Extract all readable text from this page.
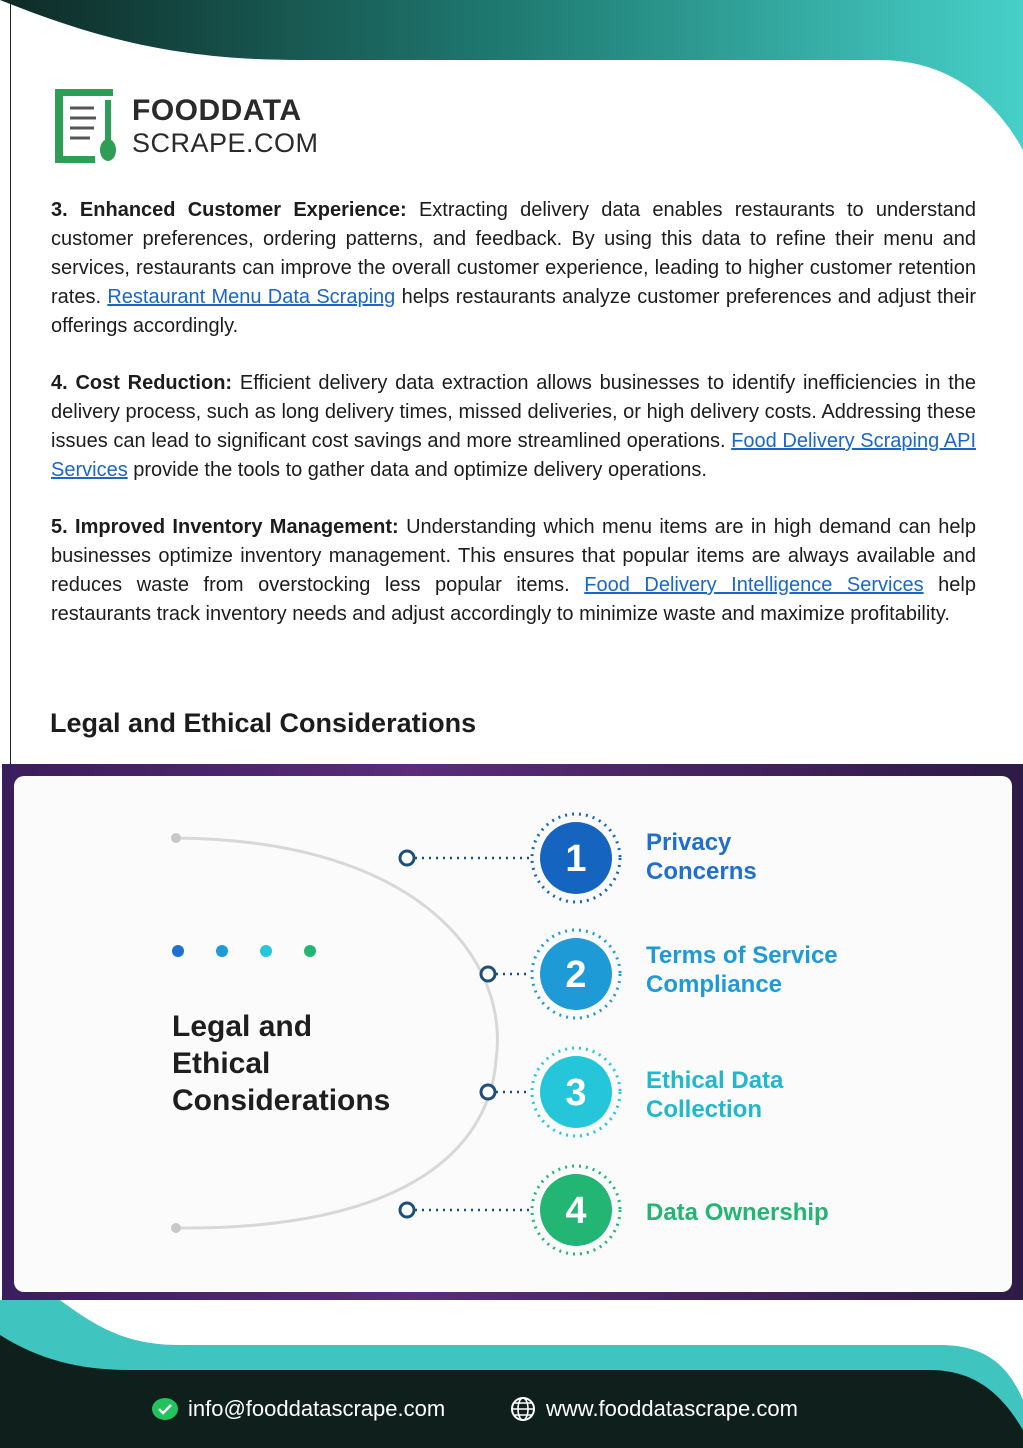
FOODDATA
SCRAPE.COM

3. Enhanced Customer Experience: Extracting delivery data enables restaurants to understand customer preferences, ordering patterns, and feedback. By using this data to refine their menu and services, restaurants can improve the overall customer experience, leading to higher customer retention rates. Restaurant Menu Data Scraping helps restaurants analyze customer preferences and adjust their offerings accordingly.

4. Cost Reduction: Efficient delivery data extraction allows businesses to identify inefficiencies in the delivery process, such as long delivery times, missed deliveries, or high delivery costs. Addressing these issues can lead to significant cost savings and more streamlined operations. Food Delivery Scraping API Services provide the tools to gather data and optimize delivery operations.

5. Improved Inventory Management: Understanding which menu items are in high demand can help businesses optimize inventory management. This ensures that popular items are always available and reduces waste from overstocking less popular items. Food Delivery Intelligence Services help restaurants track inventory needs and adjust accordingly to minimize waste and maximize profitability.

Legal and Ethical Considerations
Legal and
Ethical
Considerations
1
2
3
4
Privacy
Concerns
Terms of Service
Compliance
Ethical Data
Collection
Data Ownership
info@fooddatascrape.com	www.fooddatascrape.com
